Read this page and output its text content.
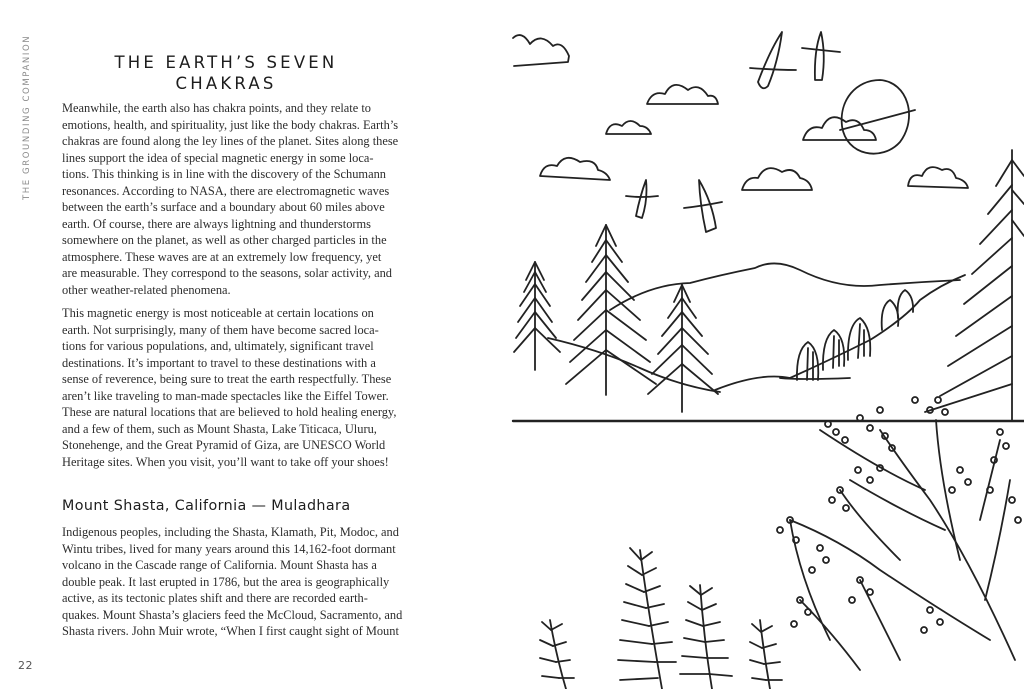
THE GROUNDING COMPANION	THE EARTH’S SEVEN
CHAKRAS

Meanwhile, the earth also has chakra points, and they relate to
emotions, health, and spirituality, just like the body chakras. Earth’s
chakras are found along the ley lines of the planet. Sites along these
lines support the idea of special magnetic energy in some loca-
tions. This thinking is in line with the discovery of the Schumann
resonances. According to NASA, there are electromagnetic waves
between the earth’s surface and a boundary about 60 miles above
earth. Of course, there are always lightning and thunderstorms
somewhere on the planet, as well as other charged particles in the
atmosphere. These waves are at an extremely low frequency, yet
are measurable. They correspond to the seasons, solar activity, and
other weather-related phenomena.

This magnetic energy is most noticeable at certain locations on
earth. Not surprisingly, many of them have become sacred loca-
tions for various populations, and, ultimately, significant travel
destinations. It’s important to travel to these destinations with a
sense of reverence, being sure to treat the earth respectfully. These
aren’t like traveling to man-made spectacles like the Eiffel Tower.
These are natural locations that are believed to hold healing energy,
and a few of them, such as Mount Shasta, Lake Titicaca, Uluru,
Stonehenge, and the Great Pyramid of Giza, are UNESCO World
Heritage sites. When you visit, you’ll want to take off your shoes!

Mount Shasta, California — Muladhara

Indigenous peoples, including the Shasta, Klamath, Pit, Modoc, and
Wintu tribes, lived for many years around this 14,162-foot dormant
volcano in the Cascade range of California. Mount Shasta has a
double peak. It last erupted in 1786, but the area is geographically
active, as its tectonic plates shift and there are recorded earth-
quakes. Mount Shasta’s glaciers feed the McCloud, Sacramento, and
Shasta rivers. John Muir wrote, “When I first caught sight of Mount

22
